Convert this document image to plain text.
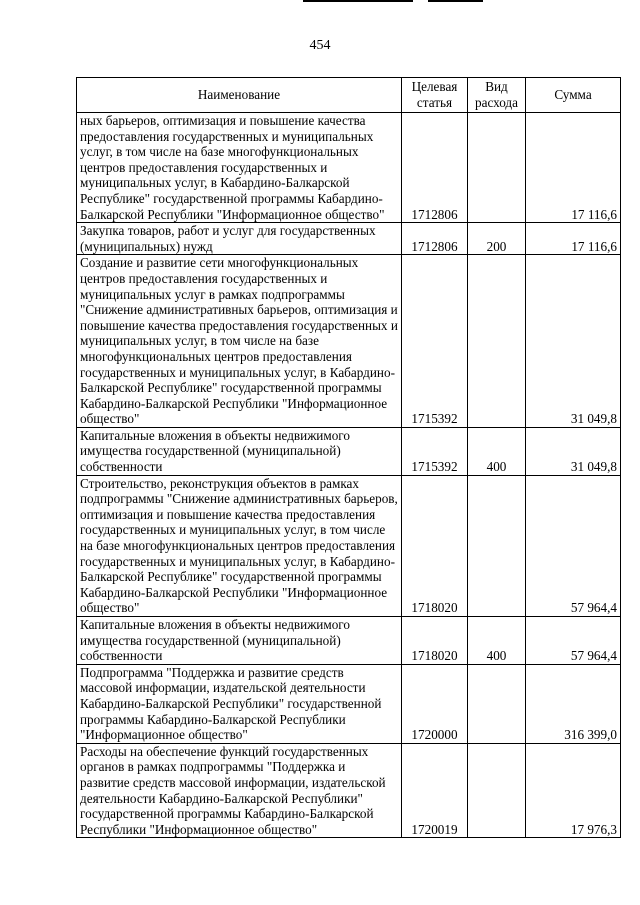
454
Наименование	Целевая статья	Вид расхода	Сумма
ных барьеров, оптимизация и повышение качества предоставления государственных и муниципальных услуг, в том числе на базе многофункциональных центров предоставления государственных и муниципальных услуг, в Кабардино-Балкарской Республике" государственной программы Кабардино-Балкарской Республики "Информационное общество"	1712806		17 116,6
Закупка товаров, работ и услуг для государственных (муниципальных) нужд	1712806	200	17 116,6
Создание и развитие сети многофункциональных центров предоставления государственных и муниципальных услуг в рамках подпрограммы "Снижение административных барьеров, оптимизация и повышение качества предоставления государственных и муниципальных услуг, в том числе на базе многофункциональных центров предоставления государственных и муниципальных услуг, в Кабардино-Балкарской Республике" государственной программы Кабардино-Балкарской Республики "Информационное общество"	1715392		31 049,8
Капитальные вложения в объекты недвижимого имущества государственной (муниципальной) собственности	1715392	400	31 049,8
Строительство, реконструкция объектов в рамках подпрограммы "Снижение административных барьеров, оптимизация и повышение качества предоставления государственных и муниципальных услуг, в том числе на базе многофункциональных центров предоставления государственных и муниципальных услуг, в Кабардино-Балкарской Республике" государственной программы Кабардино-Балкарской Республики "Информационное общество"	1718020		57 964,4
Капитальные вложения в объекты недвижимого имущества государственной (муниципальной) собственности	1718020	400	57 964,4
Подпрограмма "Поддержка и развитие средств массовой информации, издательской деятельности Кабардино-Балкарской Республики" государственной программы Кабардино-Балкарской Республики "Информационное общество"	1720000		316 399,0
Расходы на обеспечение функций государственных органов в рамках подпрограммы "Поддержка и развитие средств массовой информации, издательской деятельности Кабардино-Балкарской Республики" государственной программы Кабардино-Балкарской Республики "Информационное общество"	1720019		17 976,3
